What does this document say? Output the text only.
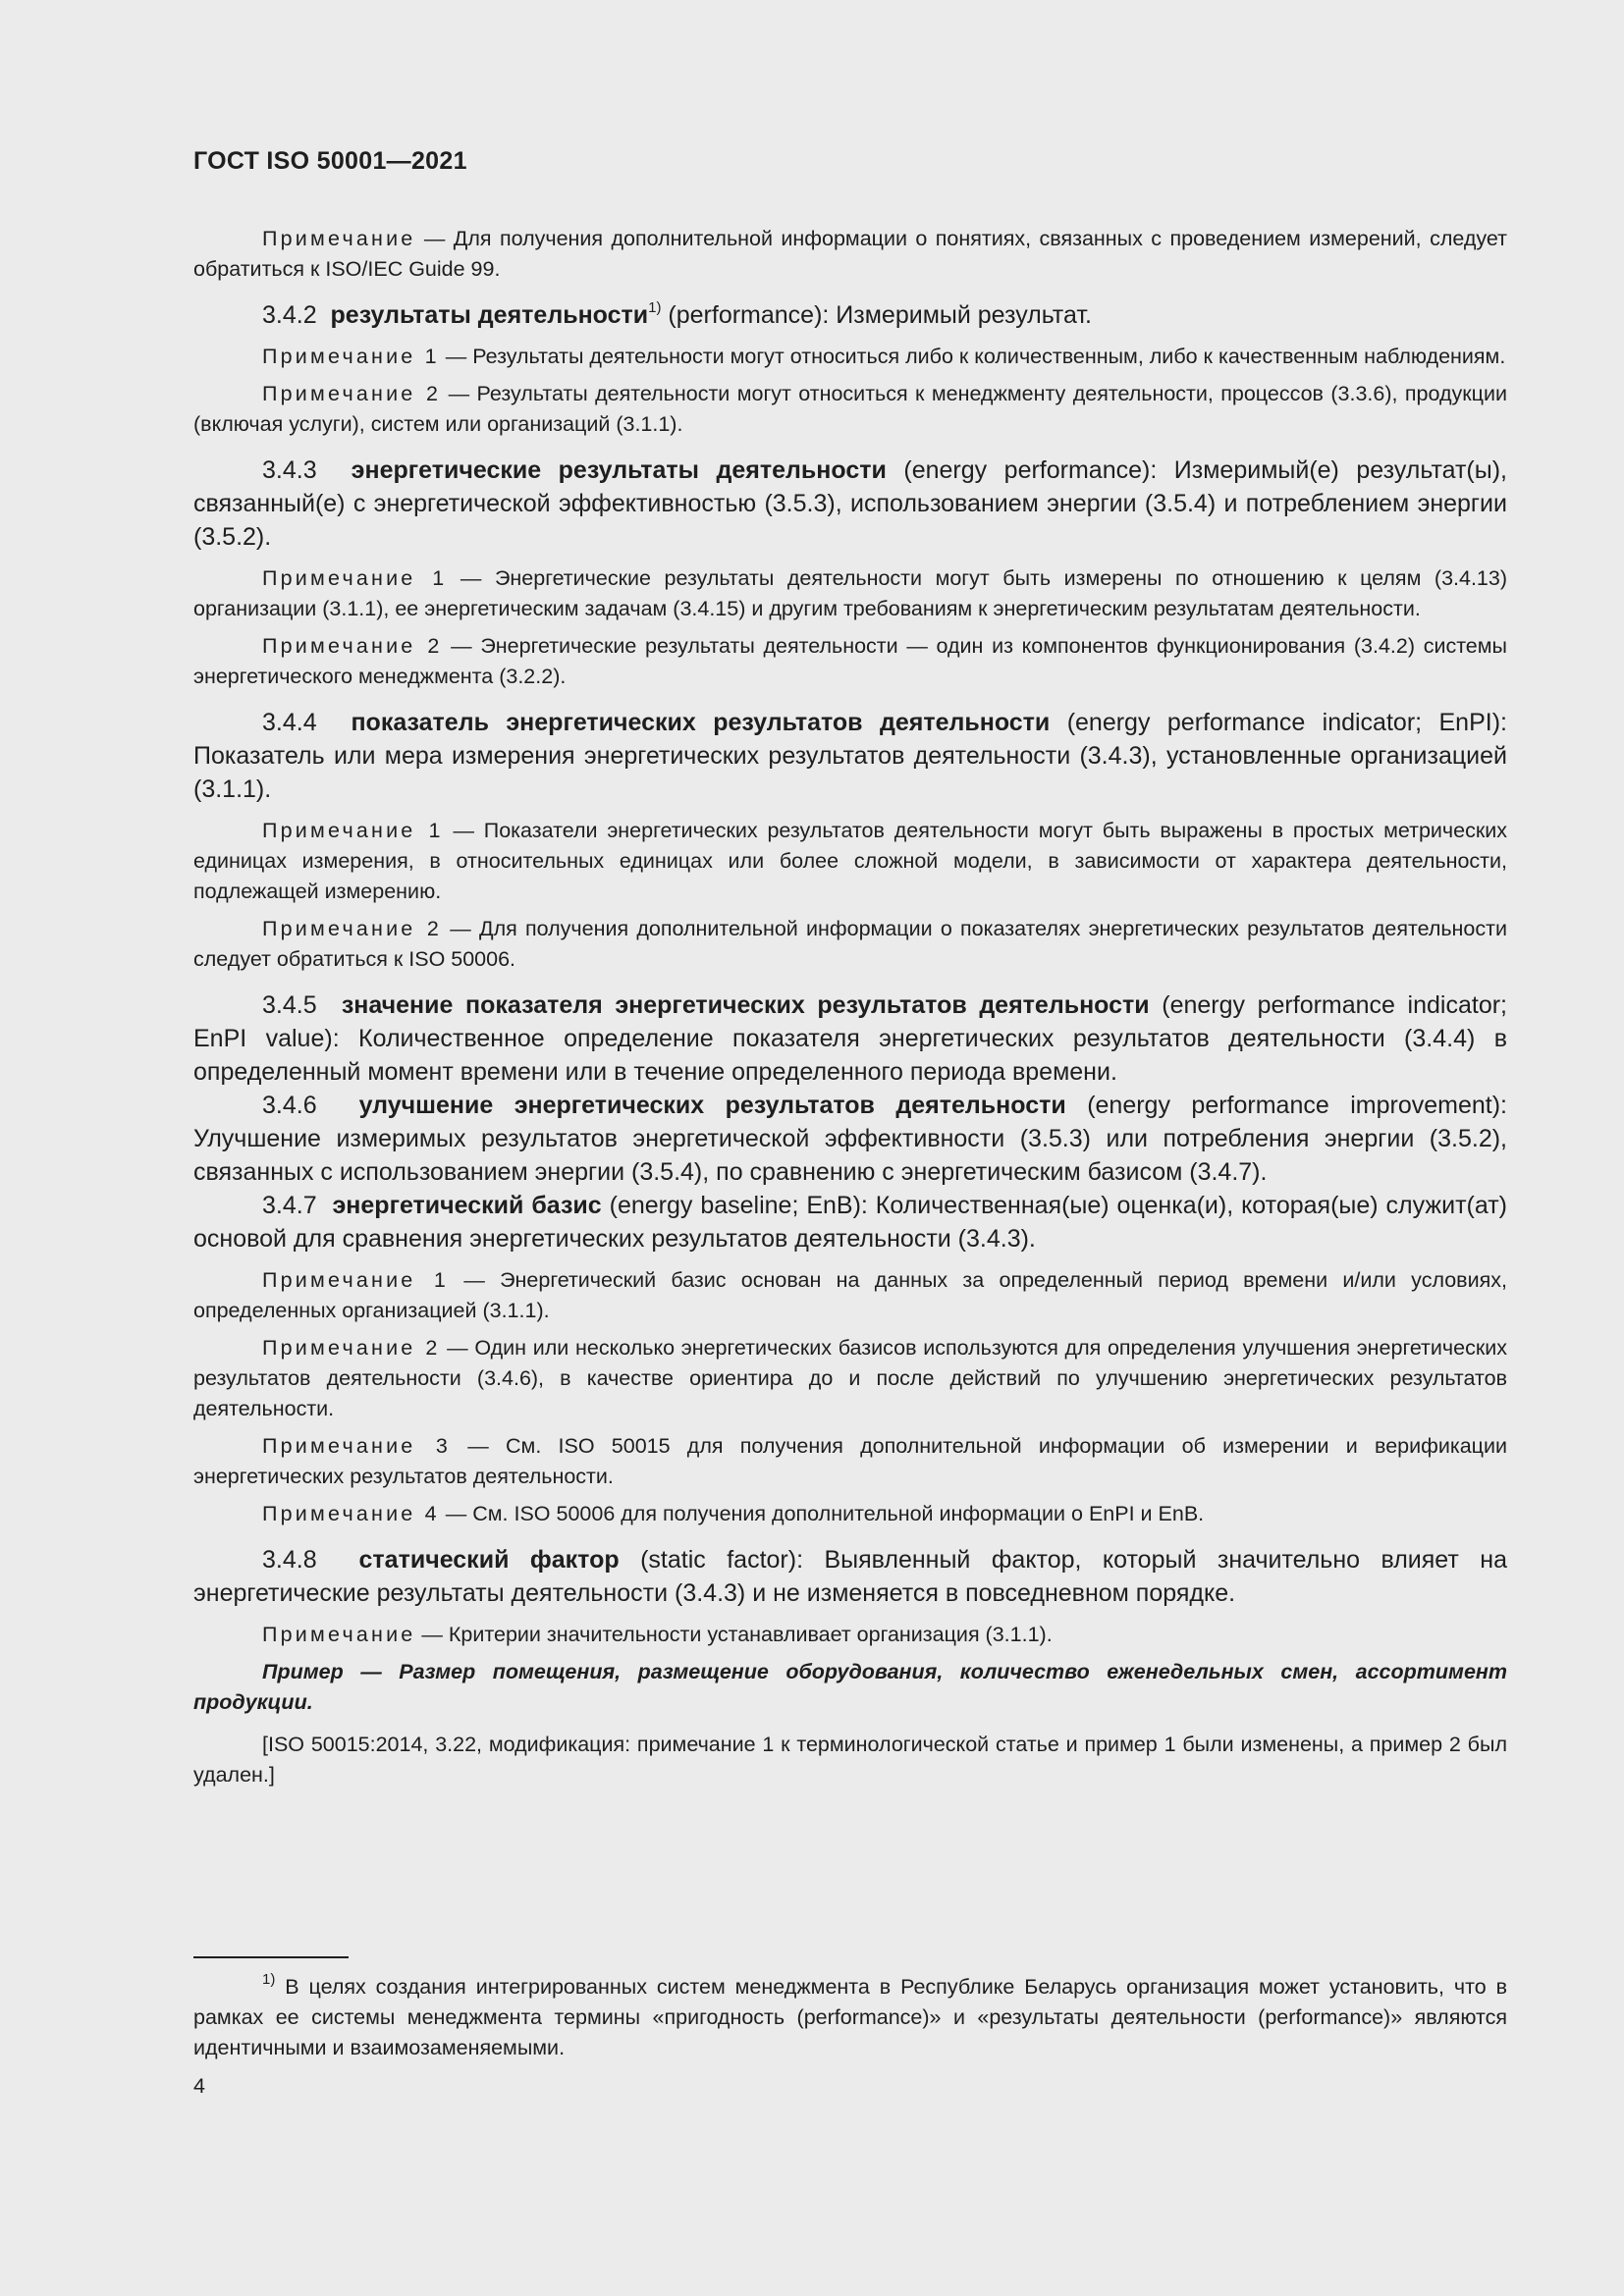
ГОСТ ISO 50001—2021

Примечание — Для получения дополнительной информации о понятиях, связанных с проведением измерений, следует обратиться к ISO/IEC Guide 99.

3.4.2 результаты деятельности$^{1)}$ (performance): Измеримый результат.

Примечание 1 — Результаты деятельности могут относиться либо к количественным, либо к качественным наблюдениям.

Примечание 2 — Результаты деятельности могут относиться к менеджменту деятельности, процессов (3.3.6), продукции (включая услуги), систем или организаций (3.1.1).

3.4.3 энергетические результаты деятельности (energy performance): Измеримый(е) результат(ы), связанный(е) с энергетической эффективностью (3.5.3), использованием энергии (3.5.4) и потреблением энергии (3.5.2).

Примечание 1 — Энергетические результаты деятельности могут быть измерены по отношению к целям (3.4.13) организации (3.1.1), ее энергетическим задачам (3.4.15) и другим требованиям к энергетическим результатам деятельности.

Примечание 2 — Энергетические результаты деятельности — один из компонентов функционирования (3.4.2) системы энергетического менеджмента (3.2.2).

3.4.4 показатель энергетических результатов деятельности (energy performance indicator; EnPI): Показатель или мера измерения энергетических результатов деятельности (3.4.3), установленные организацией (3.1.1).

Примечание 1 — Показатели энергетических результатов деятельности могут быть выражены в простых метрических единицах измерения, в относительных единицах или более сложной модели, в зависимости от характера деятельности, подлежащей измерению.

Примечание 2 — Для получения дополнительной информации о показателях энергетических результатов деятельности следует обратиться к ISO 50006.

3.4.5 значение показателя энергетических результатов деятельности (energy performance indicator; EnPI value): Количественное определение показателя энергетических результатов деятельности (3.4.4) в определенный момент времени или в течение определенного периода времени.

3.4.6 улучшение энергетических результатов деятельности (energy performance improvement): Улучшение измеримых результатов энергетической эффективности (3.5.3) или потребления энергии (3.5.2), связанных с использованием энергии (3.5.4), по сравнению с энергетическим базисом (3.4.7).

3.4.7 энергетический базис (energy baseline; EnB): Количественная(ые) оценка(и), которая(ые) служит(ат) основой для сравнения энергетических результатов деятельности (3.4.3).

Примечание 1 — Энергетический базис основан на данных за определенный период времени и/или условиях, определенных организацией (3.1.1).

Примечание 2 — Один или несколько энергетических базисов используются для определения улучшения энергетических результатов деятельности (3.4.6), в качестве ориентира до и после действий по улучшению энергетических результатов деятельности.

Примечание 3 — См. ISO 50015 для получения дополнительной информации об измерении и верификации энергетических результатов деятельности.

Примечание 4 — См. ISO 50006 для получения дополнительной информации о EnPI и EnB.

3.4.8 статический фактор (static factor): Выявленный фактор, который значительно влияет на энергетические результаты деятельности (3.4.3) и не изменяется в повседневном порядке.

Примечание — Критерии значительности устанавливает организация (3.1.1).

Пример — Размер помещения, размещение оборудования, количество еженедельных смен, ассортимент продукции.

[ISO 50015:2014, 3.22, модификация: примечание 1 к терминологической статье и пример 1 были изменены, а пример 2 был удален.]

$^{1)}$ В целях создания интегрированных систем менеджмента в Республике Беларусь организация может установить, что в рамках ее системы менеджмента термины «пригодность (performance)» и «результаты деятельности (performance)» являются идентичными и взаимозаменяемыми.

4
